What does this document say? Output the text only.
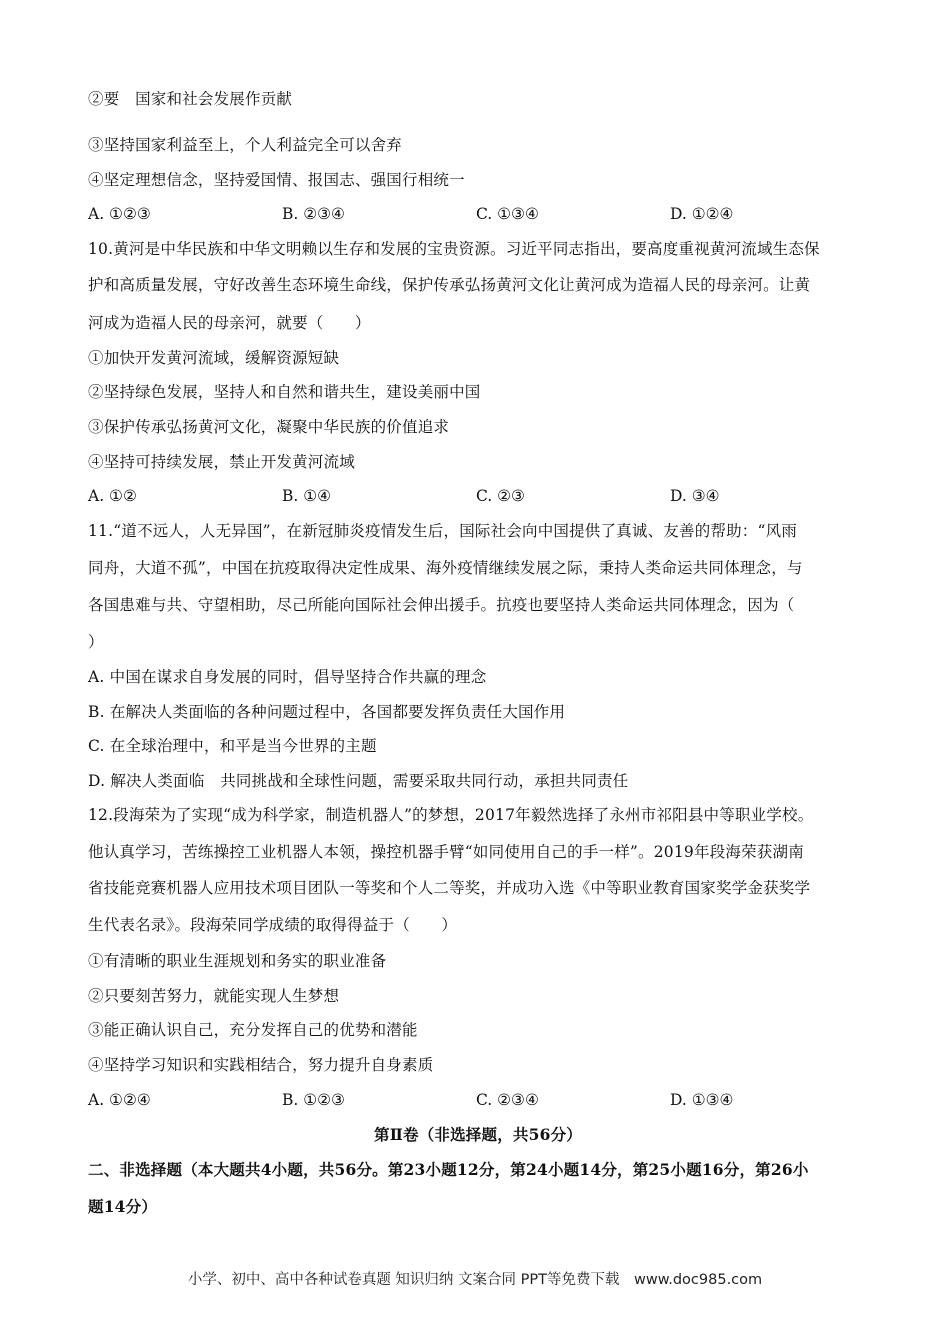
②要　国家和社会发展作贡献
③坚持国家利益至上，个人利益完全可以舍弃
④坚定理想信念，坚持爱国情、报国志、强国行相统一
A. ①②③	B. ②③④	C. ①③④	D. ①②④
10.黄河是中华民族和中华文明赖以生存和发展的宝贵资源。习近平同志指出，要高度重视黄河流域生态保
护和高质量发展，守好改善生态环境生命线，保护传承弘扬黄河文化让黄河成为造福人民的母亲河。让黄
河成为造福人民的母亲河，就要（　　）
①加快开发黄河流域，缓解资源短缺
②坚持绿色发展，坚持人和自然和谐共生，建设美丽中国
③保护传承弘扬黄河文化，凝聚中华民族的价值追求
④坚持可持续发展，禁止开发黄河流域
A. ①②	B. ①④	C. ②③	D. ③④
11.“道不远人，人无异国”，在新冠肺炎疫情发生后，国际社会向中国提供了真诚、友善的帮助：“风雨
同舟，大道不孤”，中国在抗疫取得决定性成果、海外疫情继续发展之际，秉持人类命运共同体理念，与
各国患难与共、守望相助，尽己所能向国际社会伸出援手。抗疫也要坚持人类命运共同体理念，因为（
）
A. 中国在谋求自身发展的同时，倡导坚持合作共赢的理念
B. 在解决人类面临的各种问题过程中，各国都要发挥负责任大国作用
C. 在全球治理中，和平是当今世界的主题
D. 解决人类面临　共同挑战和全球性问题，需要采取共同行动，承担共同责任
12.段海荣为了实现“成为科学家，制造机器人”的梦想，2017年毅然选择了永州市祁阳县中等职业学校。
他认真学习，苦练操控工业机器人本领，操控机器手臂“如同使用自己的手一样”。2019年段海荣获湖南
省技能竞赛机器人应用技术项目团队一等奖和个人二等奖，并成功入选《中等职业教育国家奖学金获奖学
生代表名录》。段海荣同学成绩的取得得益于（　　）
①有清晰的职业生涯规划和务实的职业准备
②只要刻苦努力，就能实现人生梦想
③能正确认识自己，充分发挥自己的优势和潜能
④坚持学习知识和实践相结合，努力提升自身素质
A. ①②④	B. ①②③	C. ②③④	D. ①③④
第Ⅱ卷（非选择题，共56分）
二、非选择题（本大题共4小题，共56分。第23小题12分，第24小题14分，第25小题16分，第26小
题14分）
小学、初中、高中各种试卷真题 知识归纳 文案合同 PPT等免费下载　www.doc985.com
